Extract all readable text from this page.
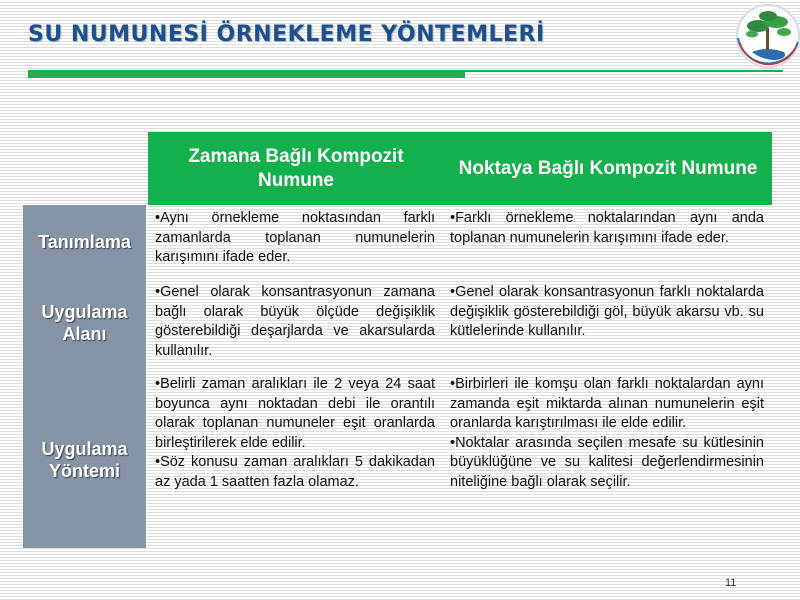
SU NUMUNESİ ÖRNEKLEME YÖNTEMLERİ
Zamana Bağlı Kompozit Numune
Noktaya Bağlı Kompozit Numune
Tanımlama
Uygulama Alanı
Uygulama Yöntemi

•Aynı örnekleme noktasından farklı zamanlarda toplanan numunelerin karışımını ifade eder.

•Farklı örnekleme noktalarından aynı anda toplanan numunelerin karışımını ifade eder.

•Genel olarak konsantrasyonun zamana bağlı olarak büyük ölçüde değişiklik gösterebildiği deşarjlarda ve akarsularda kullanılır.

•Genel olarak konsantrasyonun farklı noktalarda değişiklik gösterebildiği göl, büyük akarsu vb. su kütlelerinde kullanılır.

•Belirli zaman aralıkları ile 2 veya 24 saat boyunca aynı noktadan debi ile orantılı olarak toplanan numuneler eşit oranlarda birleştirilerek elde edilir.

•Söz konusu zaman aralıkları 5 dakikadan az yada 1 saatten fazla olamaz.

•Birbirleri ile komşu olan farklı noktalardan aynı zamanda eşit miktarda alınan numunelerin eşit oranlarda karıştırılması ile elde edilir.

•Noktalar arasında seçilen mesafe su kütlesinin büyüklüğüne ve su kalitesi değerlendirmesinin niteliğine bağlı olarak seçilir.

11
